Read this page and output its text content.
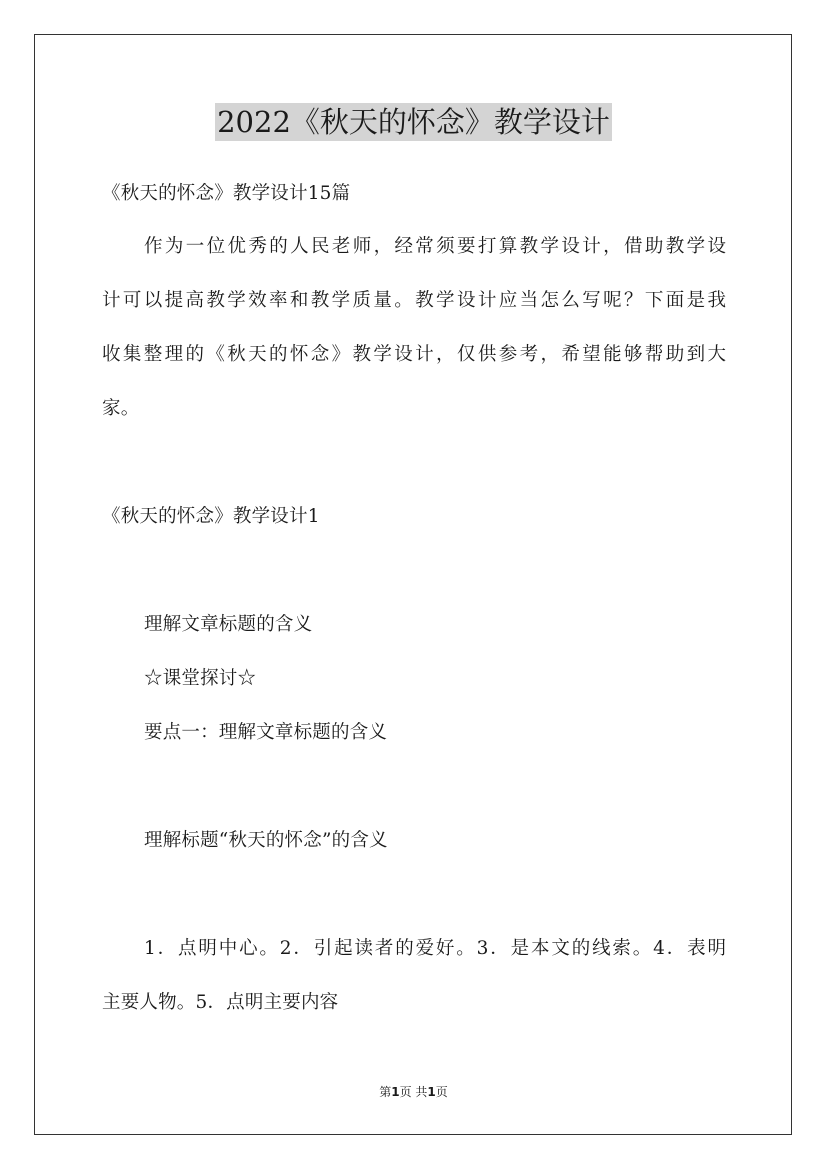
2022《秋天的怀念》教学设计
《秋天的怀念》教学设计15篇
作为一位优秀的人民老师，经常须要打算教学设计，借助教学设
计可以提高教学效率和教学质量。教学设计应当怎么写呢？下面是我
收集整理的《秋天的怀念》教学设计，仅供参考，希望能够帮助到大
家。
《秋天的怀念》教学设计1
理解文章标题的含义
☆课堂探讨☆
要点一：理解文章标题的含义
理解标题“秋天的怀念”的含义
1．点明中心。2．引起读者的爱好。3．是本文的线索。4．表明
主要人物。5．点明主要内容
第1页 共1页
